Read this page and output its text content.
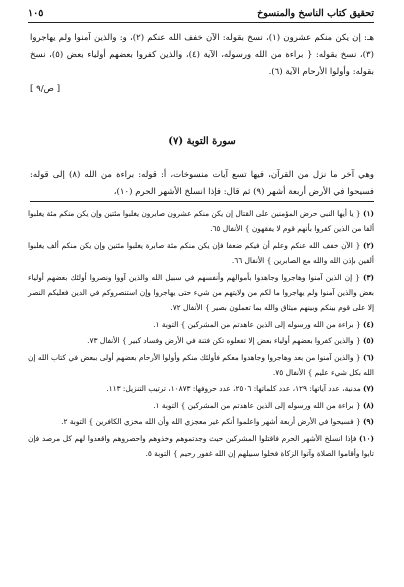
تحقيق كتاب الناسخ والمنسوخ
١٠٥

هـ: إن يكن منكم عشرون (١)، نسخ بقوله: الآن خفف الله عنكم (٢)، و: والذين آمنوا ولم يهاجروا (٣)، نسخ بقوله: { براءة من الله ورسوله، الآية (٤)، والذين كفروا بعضهم أولياء بعض (٥)، نسخ بقوله: وأولوا الأرحام الآية (٦).

[ ص/٩ ]

سورة التوبة (٧)

وهي آخر ما نزل من القرآن، فيها تسع آيات منسوخات، أ: قوله: براءة من الله (٨) إلى قوله: فسيحوا في الأرض أربعة أشهر (٩) ثم قال: فإذا انسلخ الأشهر الحرم (١٠)،

(١) { يا أيها النبي حرض المؤمنين على القتال إن يكن منكم عشرون صابرون يغلبوا مئتين وإن يكن منكم مئة يغلبوا ألفا من الذين كفروا بأنهم قوم لا يفقهون } الأنفال ٦٥.

(٢) { الآن خفف الله عنكم وعلم أن فيكم ضعفا فإن يكن منكم مئة صابرة يغلبوا مئتين وإن يكن منكم ألف يغلبوا ألفين بإذن الله والله مع الصابرين } الأنفال ٦٦.

(٣) { إن الذين آمنوا وهاجروا وجاهدوا بأموالهم وأنفسهم في سبيل الله والذين آووا ونصروا أولئك بعضهم أولياء بعض والذين آمنوا ولم يهاجروا ما لكم من ولايتهم من شيء حتى يهاجروا وإن استنصروكم في الدين فعليكم النصر إلا على قوم بينكم وبينهم ميثاق والله بما تعملون بصير } الأنفال ٧٢.

(٤) { براءة من الله ورسوله إلى الذين عاهدتم من المشركين } التوبة ١.

(٥) { والذين كفروا بعضهم أولياء بعض إلا تفعلوه تكن فتنة في الأرض وفساد كبير } الأنفال ٧٣.

(٦) { والذين آمنوا من بعد وهاجروا وجاهدوا معكم فأولئك منكم وأولوا الأرحام بعضهم أولى ببعض في كتاب الله إن الله بكل شيء عليم } الأنفال ٧٥.

(٧) مدنية، عدد آياتها: ١٢٩، عدد كلماتها: ٢٥٠٦، عدد حروفها: ١٠٨٧٣، ترتيب التنزيل: ١١٣.

(٨) { براءة من الله ورسوله إلى الذين عاهدتم من المشركين } التوبة ١.

(٩) { فسيحوا في الأرض أربعة أشهر واعلموا أنكم غير معجزي الله وأن الله مخزي الكافرين } التوبة ٢.

(١٠) فإذا انسلخ الأشهر الحرم فاقتلوا المشركين حيث وجدتموهم وخذوهم واحصروهم واقعدوا لهم كل مرصد فإن تابوا وأقاموا الصلاة وآتوا الزكاة فخلوا سبيلهم إن الله غفور رحيم } التوبة ٥.
